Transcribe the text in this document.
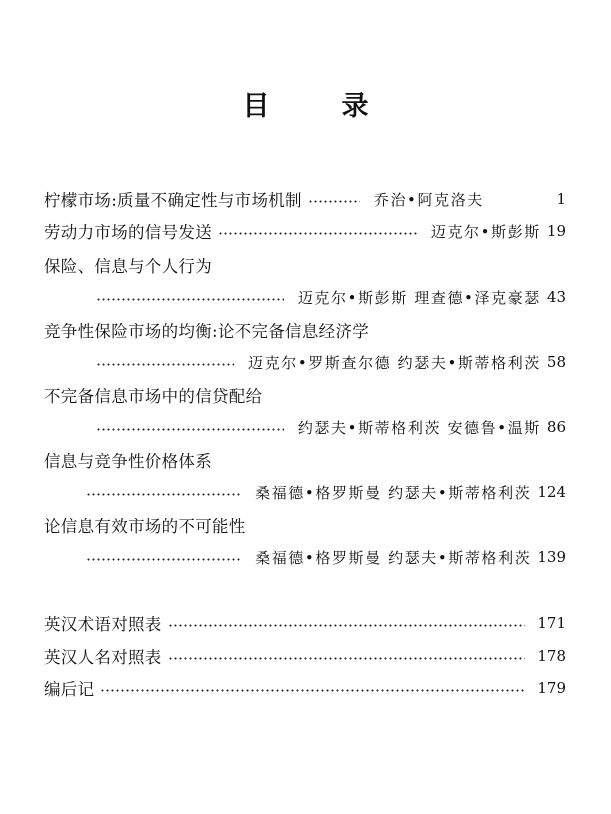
目	录
柠檬市场:质量不确定性与市场机制	乔治•阿克洛夫	1
劳动力市场的信号发送	迈克尔•斯彭斯 19
保险、信息与个人行为
迈克尔•斯彭斯 理查德•泽克豪瑟 43
竞争性保险市场的均衡:论不完备信息经济学
迈克尔•罗斯查尔德 约瑟夫•斯蒂格利茨 58
不完备信息市场中的信贷配给
约瑟夫•斯蒂格利茨 安德鲁•温斯 86
信息与竞争性价格体系
桑福德•格罗斯曼 约瑟夫•斯蒂格利茨 124
论信息有效市场的不可能性
桑福德•格罗斯曼 约瑟夫•斯蒂格利茨 139
英汉术语对照表	171
英汉人名对照表	178
编后记	179
